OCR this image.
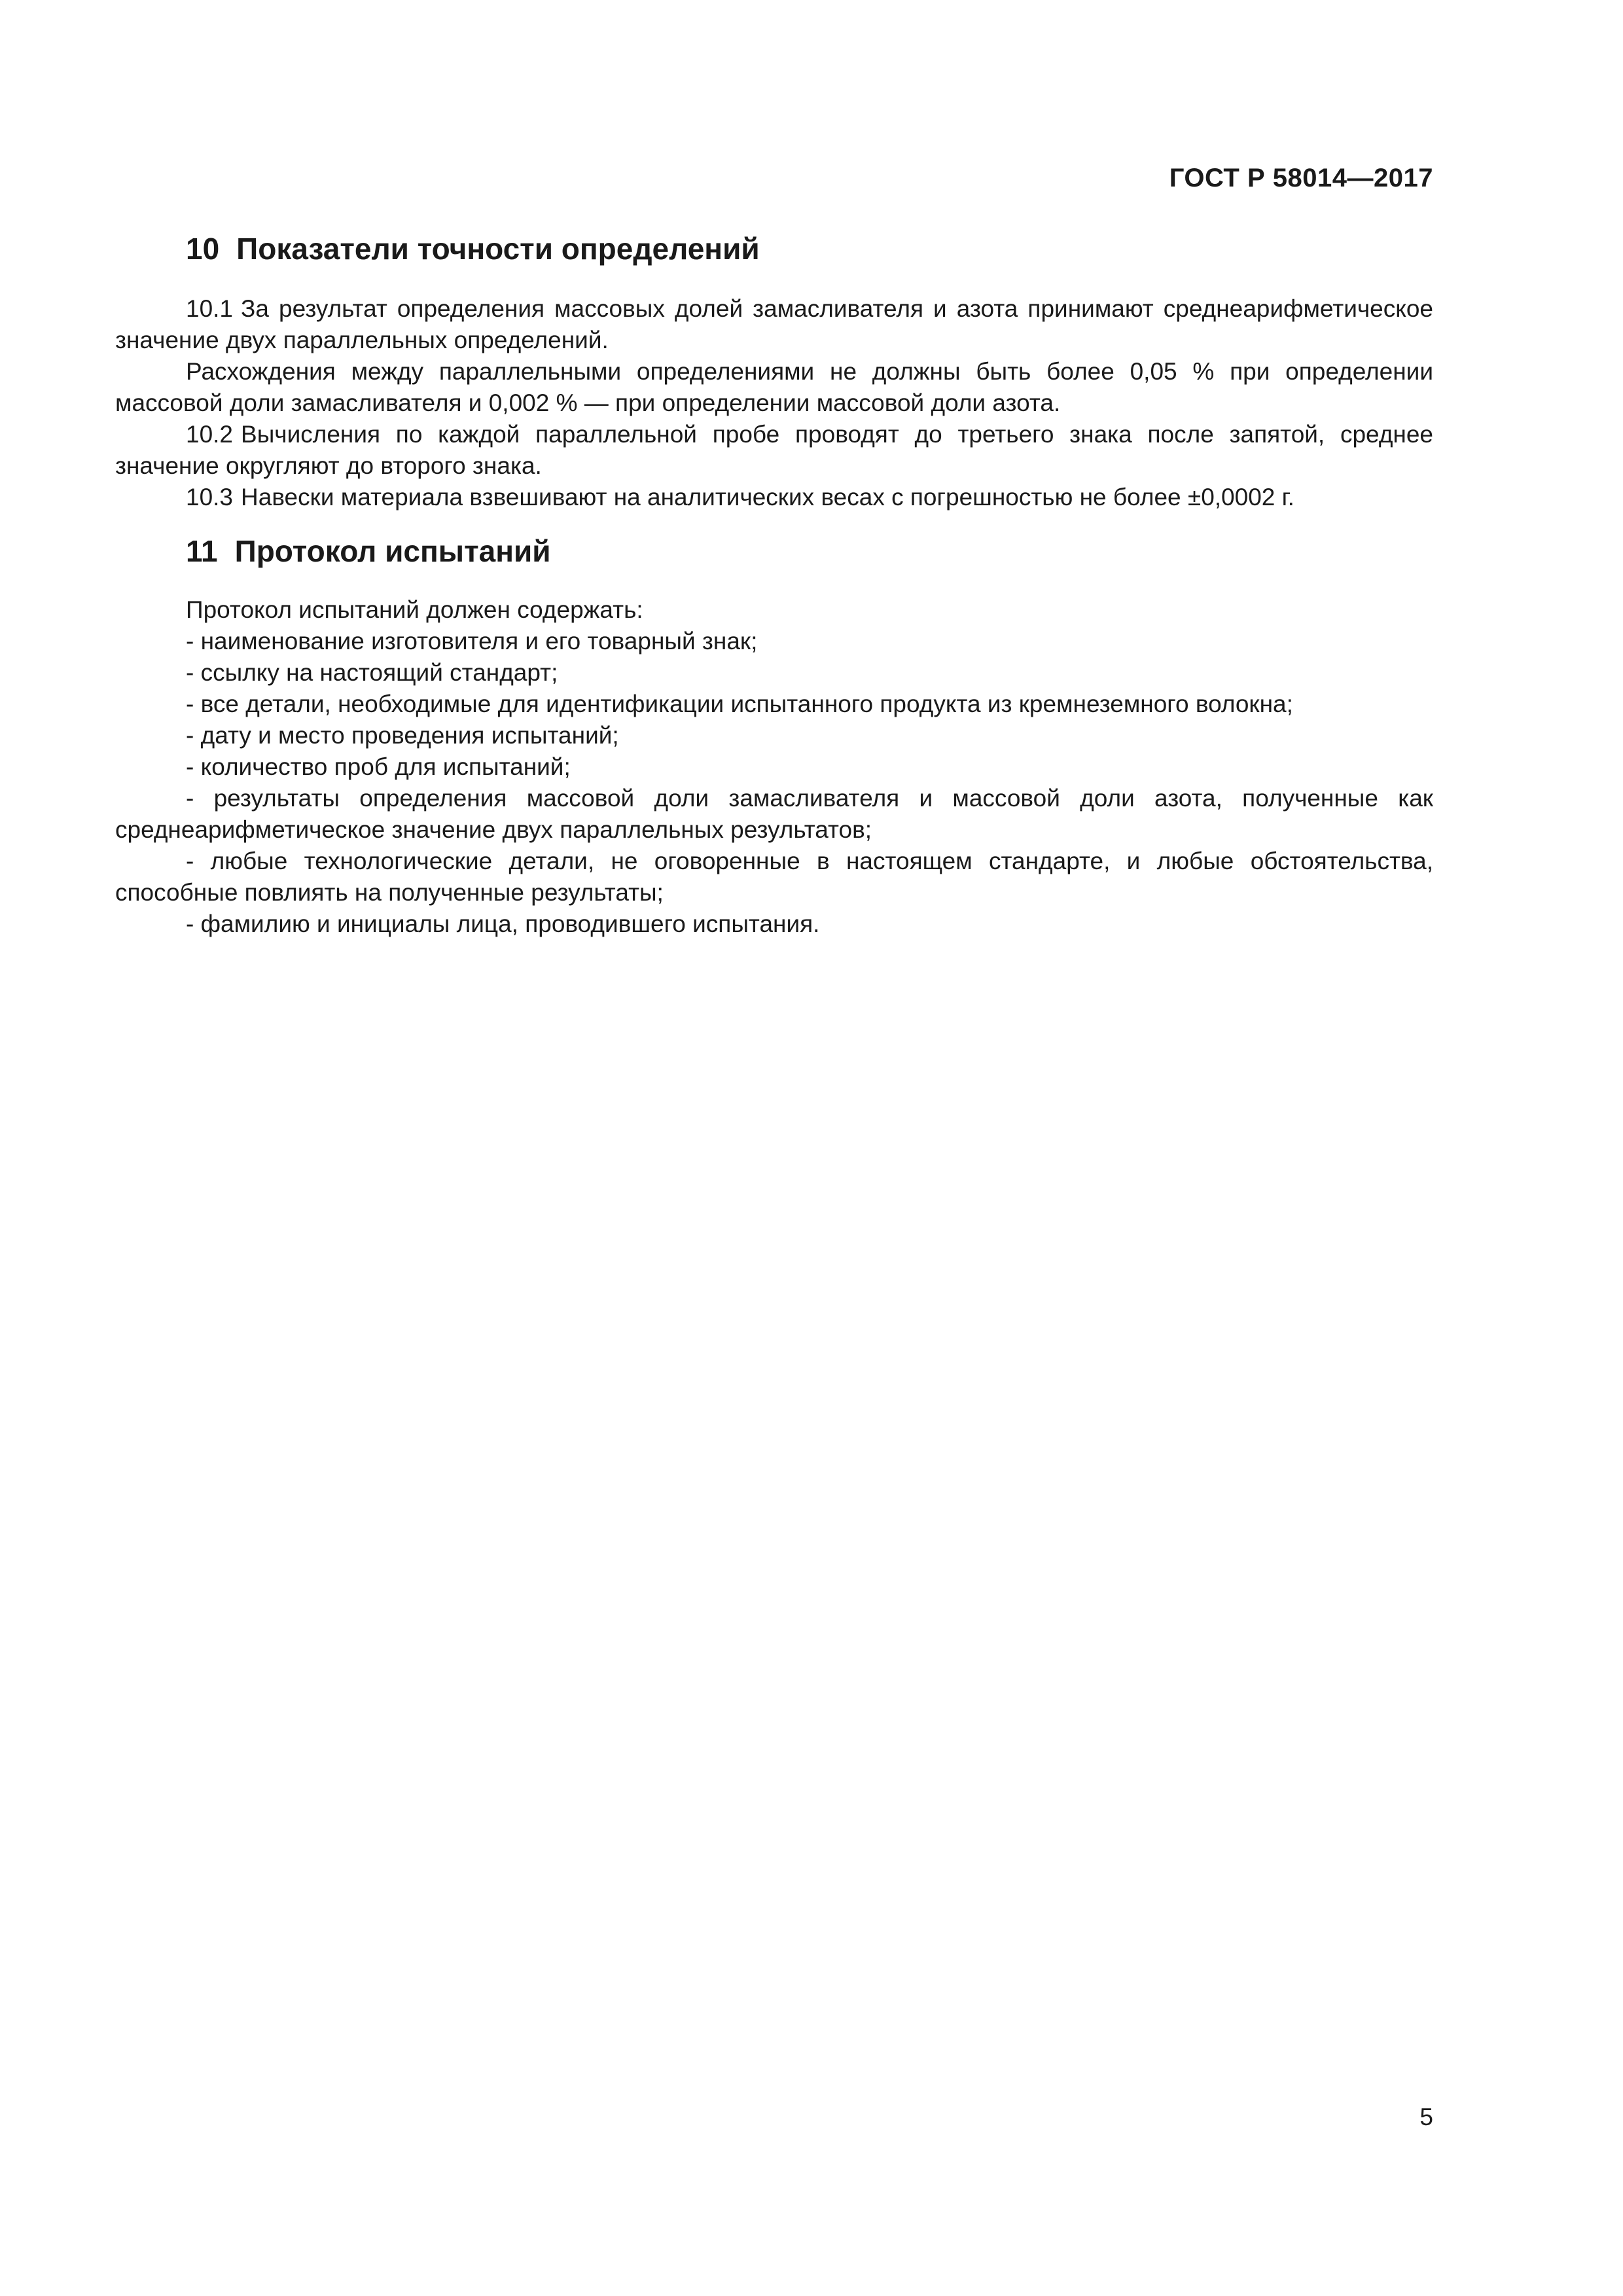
ГОСТ Р 58014—2017
10 Показатели точности определений

10.1 За результат определения массовых долей замасливателя и азота принимают среднеарифметическое значение двух параллельных определений.

Расхождения между параллельными определениями не должны быть более 0,05 % при определении массовой доли замасливателя и 0,002 % — при определении массовой доли азота.

10.2 Вычисления по каждой параллельной пробе проводят до третьего знака после запятой, среднее значение округляют до второго знака.

10.3 Навески материала взвешивают на аналитических весах с погрешностью не более ±0,0002 г.

11 Протокол испытаний

Протокол испытаний должен содержать:

- наименование изготовителя и его товарный знак;
- ссылку на настоящий стандарт;
- все детали, необходимые для идентификации испытанного продукта из кремнеземного волокна;
- дату и место проведения испытаний;
- количество проб для испытаний;
- результаты определения массовой доли замасливателя и массовой доли азота, полученные как среднеарифметическое значение двух параллельных результатов;
- любые технологические детали, не оговоренные в настоящем стандарте, и любые обстоятельства, способные повлиять на полученные результаты;
- фамилию и инициалы лица, проводившего испытания.
5
